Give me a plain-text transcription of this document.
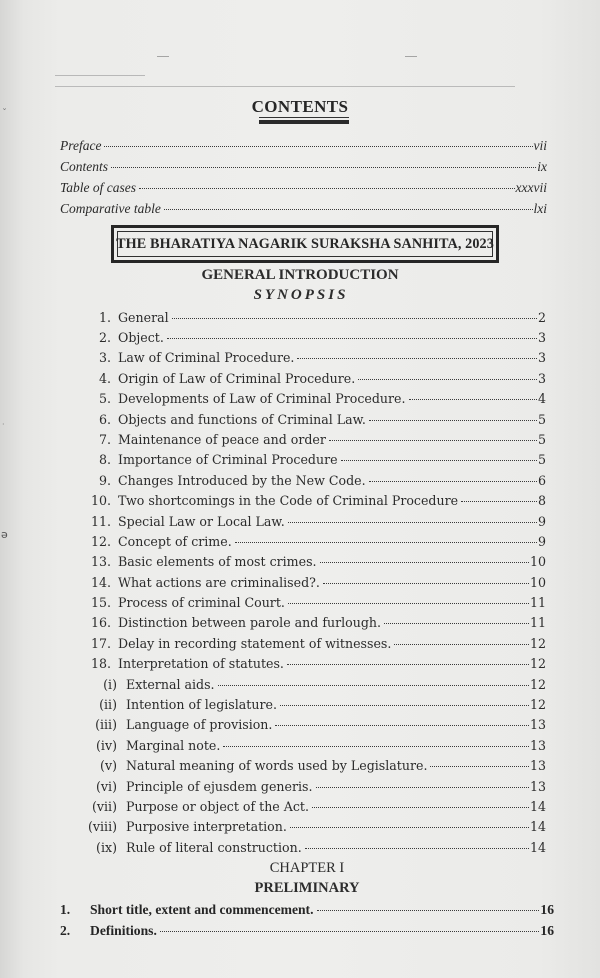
CONTENTS
Preface	vii
Contents	ix
Table of cases	xxxvii
Comparative table	lxi
THE BHARATIYA NAGARIK SURAKSHA SANHITA, 2023
GENERAL INTRODUCTION
SYNOPSIS
1. General	2
2. Object.	3
3. Law of Criminal Procedure.	3
4. Origin of Law of Criminal Procedure.	3
5. Developments of Law of Criminal Procedure.	4
6. Objects and functions of Criminal Law.	5
7. Maintenance of peace and order	5
8. Importance of Criminal Procedure	5
9. Changes Introduced by the New Code.	6
10. Two shortcomings in the Code of Criminal Procedure	8
11. Special Law or Local Law.	9
12. Concept of crime.	9
13. Basic elements of most crimes.	10
14. What actions are criminalised?.	10
15. Process of criminal Court.	11
16. Distinction between parole and furlough.	11
17. Delay in recording statement of witnesses.	12
18. Interpretation of statutes.	12
(i) External aids.	12
(ii) Intention of legislature.	12
(iii) Language of provision.	13
(iv) Marginal note.	13
(v) Natural meaning of words used by Legislature.	13
(vi) Principle of ejusdem generis.	13
(vii) Purpose or object of the Act.	14
(viii) Purposive interpretation.	14
(ix) Rule of literal construction.	14
CHAPTER I
PRELIMINARY
1.	Short title, extent and commencement.	16
2.	Definitions.	16
ˇ
·
ə
